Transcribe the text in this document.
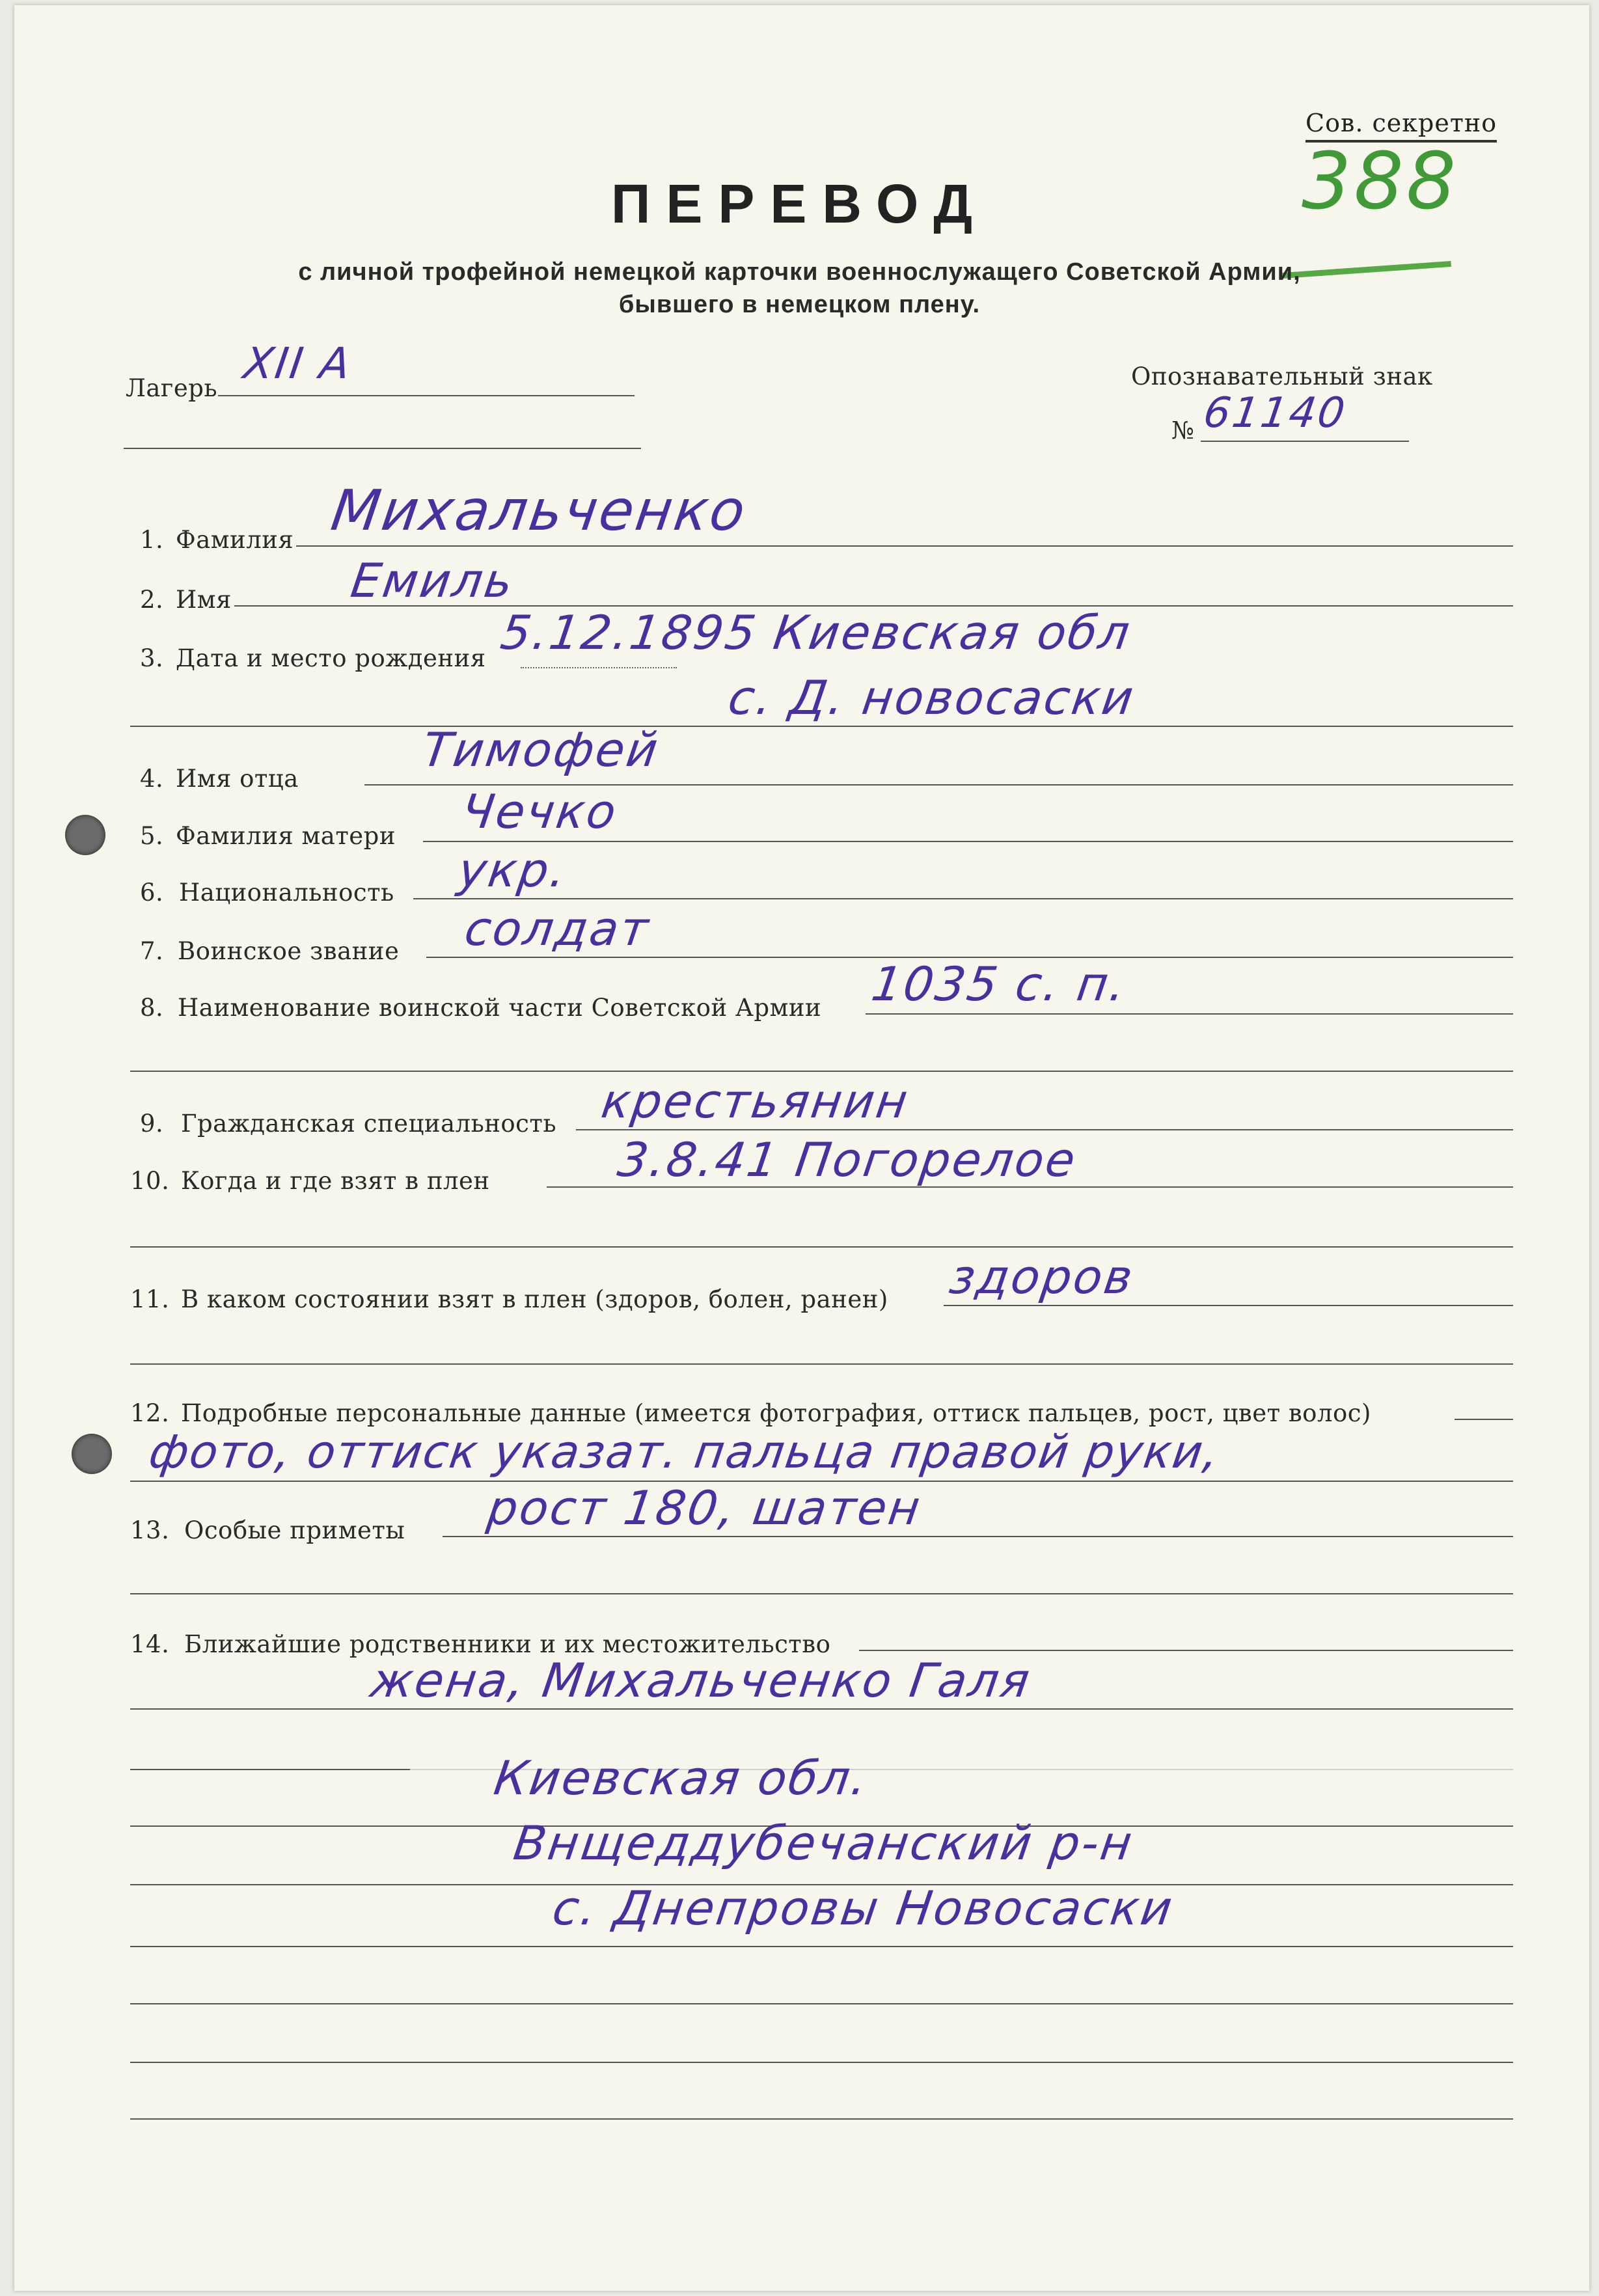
Сов. секретно
388
ПЕРЕВОД
с личной трофейной немецкой карточки военнослужащего Советской Армии,
бывшего в немецком плену.
Лагерь XII A	Опознавательный знак
№ 61140
1. Фамилия Михальченко
2. Имя Емиль
3. Дата и место рождения 5.12.1895 Киевская обл
с. Д. новосаски
4. Имя отца
Тимофей
5. Фамилия матери Чечко
6. Национальность укр.
7. Воинское звание солдат
8. Наименование воинской части Советской Армии 1035 с. п.
9. Гражданская специальность крестьянин
10. Когда и где взят в плен	3.8.41 Погорелое
11. В каком состоянии взят в плен (здоров, болен, ранен) здоров
12. Подробные персональные данные (имеется фотография, оттиск пальцев, рост, цвет волос)
фото, оттиск указат. пальца правой руки,
13. Особые приметы рост 180, шатен
14. Ближайшие родственники и их местожительство
жена, Михальченко Галя
Киевская обл.
Внщеддубечанский р-н
с. Днепровы Новосаски
